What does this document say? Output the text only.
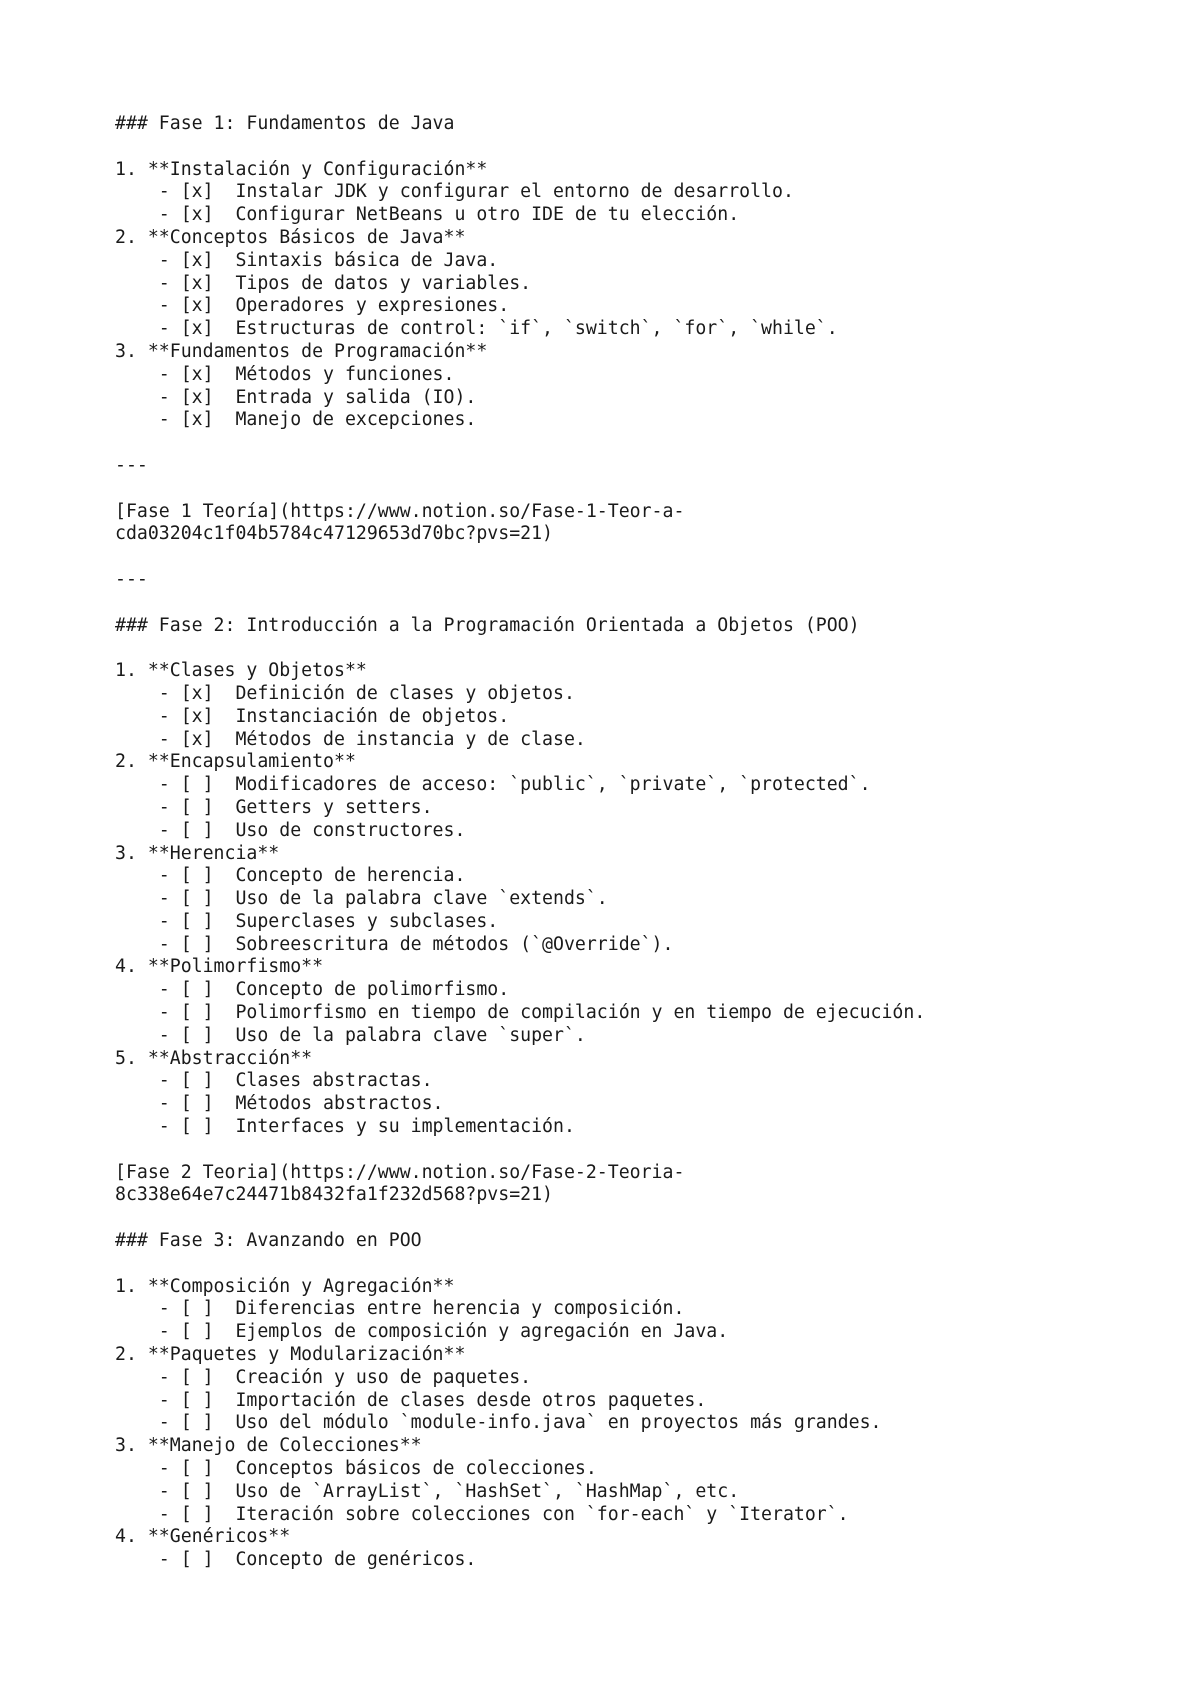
### Fase 1: Fundamentos de Java
1. **Instalación y Configuración**
- [x]  Instalar JDK y configurar el entorno de desarrollo.
- [x]  Configurar NetBeans u otro IDE de tu elección.
2. **Conceptos Básicos de Java**
- [x]  Sintaxis básica de Java.
- [x]  Tipos de datos y variables.
- [x]  Operadores y expresiones.
- [x]  Estructuras de control: `if`, `switch`, `for`, `while`.
3. **Fundamentos de Programación**
- [x]  Métodos y funciones.
- [x]  Entrada y salida (IO).
- [x]  Manejo de excepciones.
---
[Fase 1 Teoría](https://www.notion.so/Fase-1-Teor-a-
cda03204c1f04b5784c47129653d70bc?pvs=21)
---
### Fase 2: Introducción a la Programación Orientada a Objetos (POO)
1. **Clases y Objetos**
- [x]  Definición de clases y objetos.
- [x]  Instanciación de objetos.
- [x]  Métodos de instancia y de clase.
2. **Encapsulamiento**
- [ ]  Modificadores de acceso: `public`, `private`, `protected`.
- [ ]  Getters y setters.
- [ ]  Uso de constructores.
3. **Herencia**
- [ ]  Concepto de herencia.
- [ ]  Uso de la palabra clave `extends`.
- [ ]  Superclases y subclases.
- [ ]  Sobreescritura de métodos (`@Override`).
4. **Polimorfismo**
- [ ]  Concepto de polimorfismo.
- [ ]  Polimorfismo en tiempo de compilación y en tiempo de ejecución.
- [ ]  Uso de la palabra clave `super`.
5. **Abstracción**
- [ ]  Clases abstractas.
- [ ]  Métodos abstractos.
- [ ]  Interfaces y su implementación.
[Fase 2 Teoria](https://www.notion.so/Fase-2-Teoria-
8c338e64e7c24471b8432fa1f232d568?pvs=21)
### Fase 3: Avanzando en POO
1. **Composición y Agregación**
- [ ]  Diferencias entre herencia y composición.
- [ ]  Ejemplos de composición y agregación en Java.
2. **Paquetes y Modularización**
- [ ]  Creación y uso de paquetes.
- [ ]  Importación de clases desde otros paquetes.
- [ ]  Uso del módulo `module-info.java` en proyectos más grandes.
3. **Manejo de Colecciones**
- [ ]  Conceptos básicos de colecciones.
- [ ]  Uso de `ArrayList`, `HashSet`, `HashMap`, etc.
- [ ]  Iteración sobre colecciones con `for-each` y `Iterator`.
4. **Genéricos**
- [ ]  Concepto de genéricos.
